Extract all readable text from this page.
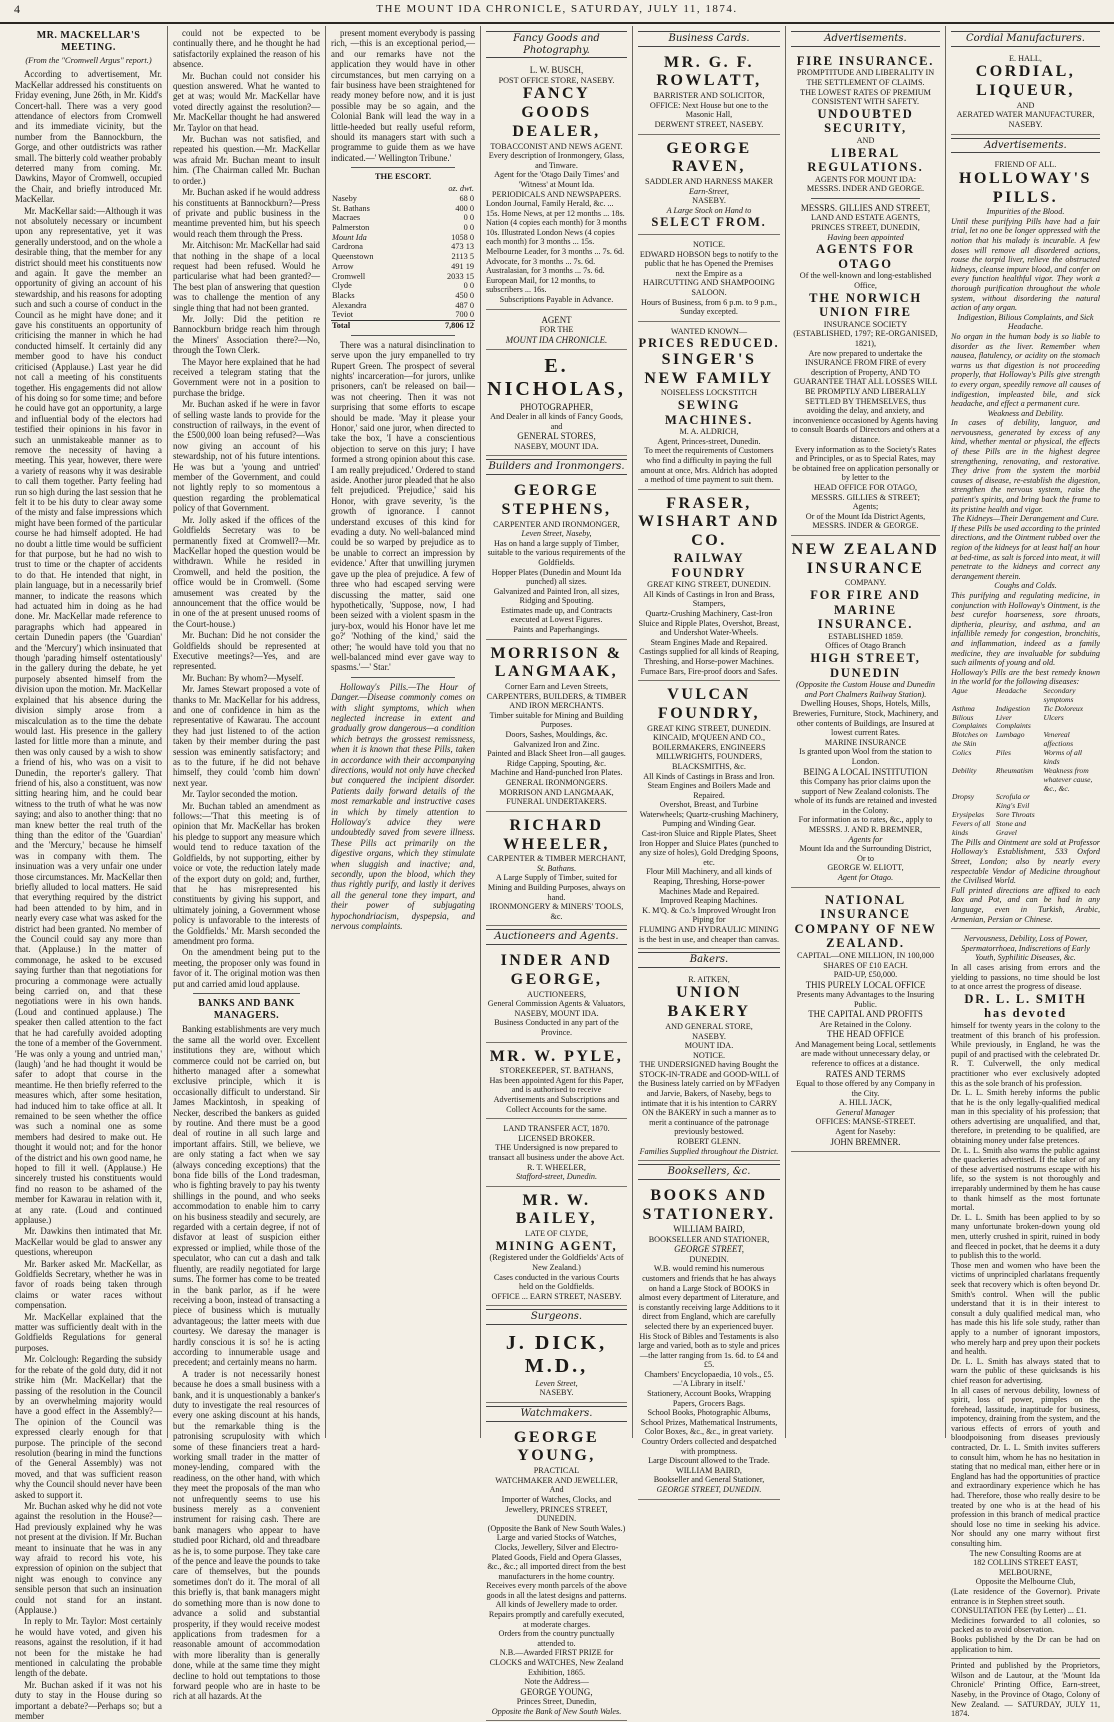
4	THE MOUNT IDA CHRONICLE, SATURDAY, JULY 11, 1874.
MR. MACKELLAR'S MEETING.
(From the "Cromwell Argus" report.)

According to advertisement, Mr. MacKellar addressed his constituents on Friday evening, June 26th, in Mr. Kidd's Concert-hall. There was a very good attendance of electors from Cromwell and its immediate vicinity, but the number from the Bannockburn, the Gorge, and other outdistricts was rather small. The bitterly cold weather probably deterred many from coming. Mr. Dawkins, Mayor of Cromwell, occupied the Chair, and briefly introduced Mr. MacKellar.

Mr. MacKellar said:—Although it was not absolutely necessary or incumbent upon any representative, yet it was generally understood, and on the whole a desirable thing, that the member for any district should meet his constituents now and again. It gave the member an opportunity of giving an account of his stewardship, and his reasons for adopting such and such a course of conduct in the Council as he might have done; and it gave his constituents an opportunity of criticising the manner in which he had conducted himself. It certainly did any member good to have his conduct criticised (Applause.) Last year he did not call a meeting of his constituents together. His engagements did not allow of his doing so for some time; and before he could have got an opportunity, a large and influential body of the electors had testified their opinions in his favor in such an unmistakeable manner as to remove the necessity of having a meeting. This year, however, there were a variety of reasons why it was desirable to call them together. Party feeling had run so high during the last session that he felt it to be his duty to clear away some of the misty and false impressions which might have been formed of the particular course he had himself adopted. He had no doubt a little time would be sufficient for that purpose, but he had no wish to trust to time or the chapter of accidents to do that. He intended that night, in plain language, but in a necessarily brief manner, to indicate the reasons which had actuated him in doing as he had done. Mr. MacKellar made reference to paragraphs which had appeared in certain Dunedin papers (the 'Guardian' and the 'Mercury') which insinuated that though 'parading himself ostentatiously' in the gallery during the debate, he yet purposely absented himself from the division upon the motion. Mr. MacKellar explained that his absence during the division simply arose from a miscalculation as to the time the debate would last. His presence in the gallery lasted for little more than a minute, and then was only caused by a wish to show a friend of his, who was on a visit to Dunedin, the reporter's gallery. That friend of his, also a constituent, was now sitting hearing him, and he could bear witness to the truth of what he was now saying; and also to another thing: that no man knew better the real truth of the thing than the editor of the 'Guardian' and the 'Mercury,' because he himself was in company with them. The insinuation was a very unfair one under those circumstances. Mr. MacKellar then briefly alluded to local matters. He said that everything required by the district had been attended to by him, and in nearly every case what was asked for the district had been granted. No member of the Council could say any more than that. (Applause.) In the matter of commonage, he asked to be excused saying further than that negotiations for procuring a commonage were actually being carried on, and that these negotiations were in his own hands. (Loud and continued applause.) The speaker then called attention to the fact that he had carefully avoided adopting the tone of a member of the Government. 'He was only a young and untried man,' (laugh) 'and he had thought it would be safer to adopt that course in the meantime. He then briefly referred to the measures which, after some hesitation, had induced him to take office at all. It remained to be seen whether the office was such a nominal one as some members had desired to make out. He thought it would not; and for the honor of the district and his own good name, he hoped to fill it well. (Applause.) He sincerely trusted his constituents would find no reason to be ashamed of the member for Kawarau in relation with it, at any rate. (Loud and continued applause.)

Mr. Dawkins then intimated that Mr. MacKellar would be glad to answer any questions, whereupon

Mr. Barker asked Mr. MacKellar, as Goldfields Secretary, whether he was in favor of roads being taken through claims or water races without compensation.

Mr. MacKellar explained that the matter was sufficiently dealt with in the Goldfields Regulations for general purposes.

Mr. Colclough: Regarding the subsidy for the rebate of the gold duty, did it not strike him (Mr. MacKellar) that the passing of the resolution in the Council by an overwhelming majority would have a good effect in the Assembly?—The opinion of the Council was expressed clearly enough for that purpose. The principle of the second resolution (bearing in mind the functions of the General Assembly) was not moved, and that was sufficient reason why the Council should never have been asked to support it.

Mr. Buchan asked why he did not vote against the resolution in the House?—Had previously explained why he was not present at the division. If Mr. Buchan meant to insinuate that he was in any way afraid to record his vote, his expression of opinion on the subject that night was enough to convince any sensible person that such an insinuation could not stand for an instant. (Applause.)

In reply to Mr. Taylor: Most certainly he would have voted, and given his reasons, against the resolution, if it had not been for the mistake he had mentioned in calculating the probable length of the debate.

Mr. Buchan asked if it was not his duty to stay in the House during so important a debate?—Perhaps so; but a member

could not be expected to be continually there, and he thought he had satisfactorily explained the reason of his absence.

Mr. Buchan could not consider his question answered. What he wanted to get at was; would Mr. MacKellar have voted directly against the resolution?—Mr. MacKellar thought he had answered Mr. Taylor on that head.

Mr. Buchan was not satisfied, and repeated his question.—Mr. MacKellar was afraid Mr. Buchan meant to insult him. (The Chairman called Mr. Buchan to order.)

Mr. Buchan asked if he would address his constituents at Bannockburn?—Press of private and public business in the meantime prevented him, but his speech would reach them through the Press.

Mr. Aitchison: Mr. MacKellar had said that nothing in the shape of a local request had been refused. Would he particularise what had been granted?—The best plan of answering that question was to challenge the mention of any single thing that had not been granted.

Mr. Jolly: Did the petition re Bannockburn bridge reach him through the Miners' Association there?—No, through the Town Clerk.

The Mayor here explained that he had received a telegram stating that the Government were not in a position to purchase the bridge.

Mr. Buchan asked if he were in favor of selling waste lands to provide for the construction of railways, in the event of the £500,000 loan being refused?—Was now giving an account of his stewardship, not of his future intentions. He was but a 'young and untried' member of the Government, and could not lightly reply to so momentous a question regarding the problematical policy of that Government.

Mr. Jolly asked if the offices of the Goldfields Secretary was to be permanently fixed at Cromwell?—Mr. MacKellar hoped the question would be withdrawn. While he resided in Cromwell, and held the position, the office would be in Cromwell. (Some amusement was created by the announcement that the office would be in one of the at present unused rooms of the Court-house.)

Mr. Buchan: Did he not consider the Goldfields should be represented at Executive meetings?—Yes, and are represented.

Mr. Buchan: By whom?—Myself.

Mr. James Stewart proposed a vote of thanks to Mr. MacKellar for his address, and one of confidence in him as the representative of Kawarau. The account they had just listened to of the action taken by their member during the past session was eminently satisfactory; and as to the future, if he did not behave himself, they could 'comb him down' next year.

Mr. Taylor seconded the motion.

Mr. Buchan tabled an amendment as follows:—'That this meeting is of opinion that Mr. MacKellar has broken his pledge to support any measure which would tend to reduce taxation of the Goldfields, by not supporting, either by voice or vote, the reduction lately made of the export duty on gold; and, further, that he has misrepresented his constituents by giving his support, and ultimately joining, a Government whose policy is unfavorable to the interests of the Goldfields.' Mr. Marsh seconded the amendment pro forma.

On the amendment being put to the meeting, the proposer only was found in favor of it. The original motion was then put and carried amid loud applause.

BANKS AND BANK MANAGERS.

Banking establishments are very much the same all the world over. Excellent institutions they are, without which commerce could not be carried on, but hitherto managed after a somewhat exclusive principle, which it is occasionally difficult to understand. Sir James Mackintosh, in speaking of Necker, described the bankers as guided by routine. And there must be a good deal of routine in all such large and important affairs. Still, we believe, we are only stating a fact when we say (always conceding exceptions) that the bona fide bills of the Lond tradesman, who is fighting bravely to pay his twenty shillings in the pound, and who seeks accommodation to enable him to carry on his business steadily and securely, are regarded with a certain degree, if not of disfavor at least of suspicion either expressed or implied, while those of the speculator, who can cut a dash and talk fluently, are readily negotiated for large sums. The former has come to be treated in the bank parlor, as if he were receiving a boon, instead of transacting a piece of business which is mutually advantageous; the latter meets with due courtesy. We daresay the manager is hardly conscious it is so! he is acting according to innumerable usage and precedent; and certainly means no harm.

A trader is not necessarily honest because he does a small business with a bank, and it is unquestionably a banker's duty to investigate the real resources of every one asking discount at his hands, but the remarkable thing is the patronising scrupulosity with which some of these financiers treat a hard-working small trader in the matter of money-lending, compared with the readiness, on the other hand, with which they meet the proposals of the man who not unfrequently seems to use his business merely as a convenient instrument for raising cash. There are bank managers who appear to have studied poor Richard, old and threadbare as he is, to some purpose. They take care of the pence and leave the pounds to take care of themselves, but the pounds sometimes don't do it. The moral of all this briefly is, that bank managers might do something more than is now done to advance a solid and substantial prosperity, if they would receive modest applications from tradesmen for a reasonable amount of accommodation with more liberality than is generally done, while at the same time they might decline to hold out temptations to those forward people who are in haste to be rich at all hazards. At the

present moment everybody is passing rich, —this is an exceptional period,—and our remarks have not the application they would have in other circumstances, but men carrying on a fair business have been straightened for ready money before now, and it is just possible may be so again, and the Colonial Bank will lead the way in a little-heeded but really useful reform, should its managers start with such a programme to guide them as we have indicated.—' Wellington Tribune.'

THE ESCORT.
		oz. dwt.
Naseby		68 0
St. Bathans		400 0
Macraes		0 0
Palmerston		0 0
Mount Ida		1058 0
Cardrona		473 13
Queenstown		2113 5
Arrow		491 19
Cromwell		2033 15
Clyde		0 0
Blacks		450 0
Alexandra		487 0
Teviot		700 0
Total		7,806 12

There was a natural disinclination to serve upon the jury empanelled to try Rupert Green. The prospect of several nights' incarceration—for jurors, unlike prisoners, can't be released on bail—was not cheering. Then it was not surprising that some efforts to escape should be made. 'May it please your Honor,' said one juror, when directed to take the box, 'I have a conscientious objection to serve on this jury; I have formed a strong opinion about this case. I am really prejudiced.' Ordered to stand aside. Another juror pleaded that he also felt prejudiced. 'Prejudice,' said his Honor, with grave severity, 'is the growth of ignorance. I cannot understand excuses of this kind for evading a duty. No well-balanced mind could be so warped by prejudice as to be unable to correct an impression by evidence.' After that unwilling jurymen gave up the plea of prejudice. A few of three who had escaped serving were discussing the matter, said one hypothetically, 'Suppose, now, I had been seized with a violent spasm in the jury-box, would his Honor have let me go?' 'Nothing of the kind,' said the other; 'he would have told you that no well-balanced mind ever gave way to spasms.'—' Star.'

Holloway's Pills.—The Hour of Danger.—Disease commonly comes on with slight symptoms, which when neglected increase in extent and gradually grow dangerous—a condition which betrays the grossest remissness, when it is known that these Pills, taken in accordance with their accompanying directions, would not only have checked but conquered the incipient disorder. Patients daily forward details of the most remarkable and instructive cases in which by timely attention to Holloway's advice they were undoubtedly saved from severe illness. These Pills act primarily on the digestive organs, which they stimulate when sluggish and inactive; and, secondly, upon the blood, which they thus rightly purify, and lastly it derives all the general tone they impart, and their power of subjugating hypochondriacism, dyspepsia, and nervous complaints.

Fancy Goods and Photography.
L. W. BUSCH,
POST OFFICE STORE, NASEBY.
FANCY GOODS DEALER,
TOBACCONIST AND NEWS AGENT.
Every description of Ironmongery, Glass, and Tinware.
Agent for the 'Otago Daily Times' and 'Witness' at Mount Ida.
PERIODICALS AND NEWSPAPERS.
London Journal, Family Herald, &c. ... 15s. Home News, at per 12 months ... 18s. Nation (4 copies each month) for 3 months 10s. Illustrated London News (4 copies each month) for 3 months ... 15s. Melbourne Leader, for 3 months ... 7s. 6d. Advocate, for 3 months ... 7s. 6d. Australasian, for 3 months ... 7s. 6d. European Mail, for 12 months, to subscribers ... 16s.
Subscriptions Payable in Advance.
AGENT
FOR THE
MOUNT IDA CHRONICLE.
E. NICHOLAS,
PHOTOGRAPHER,
And Dealer in all kinds of Fancy Goods, and
GENERAL STORES,
NASEBY, MOUNT IDA.
Builders and Ironmongers.
GEORGE STEPHENS,
CARPENTER AND IRONMONGER,
Leven Street, Naseby,
Has on hand a large supply of Timber, suitable to the various requirements of the Goldfields.
Hopper Plates (Dunedin and Mount Ida punched) all sizes.
Galvanized and Painted Iron, all sizes, Ridging and Spouting.
Estimates made up, and Contracts executed at Lowest Figures.
Paints and Paperhangings.
MORRISON & LANGMAAK,
Corner Earn and Leven Streets,
CARPENTERS, BUILDERS, & TIMBER AND IRON MERCHANTS.
Timber suitable for Mining and Building Purposes.
Doors, Sashes, Mouldings, &c. Galvanized Iron and Zinc.
Painted and Black Sheet Iron—all gauges. Ridge Capping, Spouting, &c.
Machine and Hand-punched Iron Plates.
GENERAL IRONMONGERS.
MORRISON AND LANGMAAK,
FUNERAL UNDERTAKERS.
RICHARD WHEELER,
CARPENTER & TIMBER MERCHANT,
St. Bathans.
A Large Supply of Timber, suited for Mining and Building Purposes, always on hand.
IRONMONGERY & MINERS' TOOLS, &c.
Auctioneers and Agents.
INDER AND GEORGE,
AUCTIONEERS,
General Commission Agents & Valuators,
NASEBY, MOUNT IDA.
Business Conducted in any part of the Province.
MR. W. PYLE,
STOREKEEPER, ST. BATHANS,
Has been appointed Agent for this Paper, and is authorised to receive Advertisements and Subscriptions and Collect Accounts for the same.
LAND TRANSFER ACT, 1870.
LICENSED BROKER.
THE Undersigned is now prepared to transact all business under the above Act.
R. T. WHEELER,
Stafford-street, Dunedin.
MR. W. BAILEY,
LATE OF CLYDE,
MINING AGENT,
(Registered under the Goldfields' Acts of New Zealand.)
Cases conducted in the various Courts held on the Goldfields.
OFFICE ... EARN STREET, NASEBY.
Surgeons.
J. DICK, M.D.,
Leven Street,
NASEBY.
Watchmakers.
GEORGE YOUNG,
PRACTICAL
WATCHMAKER AND JEWELLER,
And
Importer of Watches, Clocks, and Jewellery, PRINCES STREET, DUNEDIN.
(Opposite the Bank of New South Wales.)
Large and varied Stocks of Watches, Clocks, Jewellery, Silver and Electro-Plated Goods, Field and Opera Glasses, &c., &c.; all imported direct from the best manufacturers in the home country.
Receives every month parcels of the above goods in all the latest designs and patterns.
All kinds of Jewellery made to order. Repairs promptly and carefully executed, at moderate charges.
Orders from the country punctually attended to.
N.B.—Awarded FIRST PRIZE for CLOCKS and WATCHES, New Zealand Exhibition, 1865.
Note the Address—
GEORGE YOUNG,
Princes Street, Dunedin,
Opposite the Bank of New South Wales.
Business Cards.
MR. G. F. ROWLATT,
BARRISTER AND SOLICITOR,
OFFICE: Next House but one to the Masonic Hall,
DERWENT STREET, NASEBY.
GEORGE RAVEN,
SADDLER AND HARNESS MAKER
Earn-Street,
NASEBY.
A Large Stock on Hand to
SELECT FROM.
NOTICE.
EDWARD HOBSON begs to notify to the public that he has Opened the Premises next the Empire as a
HAIRCUTTING AND SHAMPOOING SALOON.
Hours of Business, from 6 p.m. to 9 p.m., Sunday excepted.
WANTED KNOWN—
PRICES REDUCED.
SINGER'S NEW FAMILY
NOISELESS LOCKSTITCH
SEWING MACHINES.
M. A. ALDRICH,
Agent, Princes-street, Dunedin.
To meet the requirements of Customers who find a difficulty in paying the full amount at once, Mrs. Aldrich has adopted a method of time payment to suit them.
FRASER, WISHART AND CO.
RAILWAY FOUNDRY
GREAT KING STREET, DUNEDIN.
All Kinds of Castings in Iron and Brass, Stampers,
Quartz-Crushing Machinery, Cast-Iron Sluice and Ripple Plates, Overshot, Breast, and Undershot Water-Wheels.
Steam Engines Made and Repaired.
Castings supplied for all kinds of Reaping, Threshing, and Horse-power Machines.
Furnace Bars, Fire-proof doors and Safes.
VULCAN FOUNDRY,
GREAT KING STREET, DUNEDIN.
KINCAID, M'QUEEN AND CO.,
BOILERMAKERS, ENGINEERS MILLWRIGHTS, FOUNDERS, BLACKSMITHS, &c.
All Kinds of Castings in Brass and Iron. Steam Engines and Boilers Made and Repaired.
Overshot, Breast, and Turbine Waterwheels; Quartz-crushing Machinery, Pumping and Winding Gear.
Cast-iron Sluice and Ripple Plates, Sheet Iron Hopper and Sluice Plates (punched to any size of holes), Gold Dredging Spoons, etc.
Flour Mill Machinery, and all kinds of Reaping, Threshing, Horse-power Machines Made and Repaired.
Improved Reaping Machines.
K. M'Q. & Co.'s Improved Wrought Iron Piping for
FLUMING AND HYDRAULIC MINING
is the best in use, and cheaper than canvas.
Bakers.
R. AITKEN,
UNION BAKERY
AND GENERAL STORE,
NASEBY.
MOUNT IDA.
NOTICE.
THE UNDERSIGNED having Bought the STOCK-IN-TRADE and GOOD-WILL of the Business lately carried on by M'Fadyen and Jarvie, Bakers, of Naseby, begs to intimate that it is his intention to CARRY ON the BAKERY in such a manner as to merit a continuance of the patronage previously bestowed.
ROBERT GLENN.
Families Supplied throughout the District.
Booksellers, &c.
BOOKS AND STATIONERY.
WILLIAM BAIRD,
BOOKSELLER AND STATIONER,
GEORGE STREET,
DUNEDIN.
W.B. would remind his numerous customers and friends that he has always on hand a Large Stock of BOOKS in almost every department of Literature, and is constantly receiving large Additions to it direct from England, which are carefully selected there by an experienced buyer.
His Stock of Bibles and Testaments is also large and varied, both as to style and prices—the latter ranging from 1s. 6d. to £4 and £5.
Chambers' Encyclopaedia, 10 vols., £5.—'A Library in itself.'
Stationery, Account Books, Wrapping Papers, Grocers Bags.
School Books, Photographic Albums, School Prizes, Mathematical Instruments,
Color Boxes, &c., &c., in great variety.
Country Orders collected and despatched with promptness.
Large Discount allowed to the Trade.
WILLIAM BAIRD,
Bookseller and General Stationer,
GEORGE STREET, DUNEDIN.
Advertisements.
FIRE INSURANCE.
PROMPTITUDE AND LIBERALITY IN THE SETTLEMENT OF CLAIMS.
THE LOWEST RATES OF PREMIUM CONSISTENT WITH SAFETY.
UNDOUBTED SECURITY,
AND
LIBERAL REGULATIONS.
AGENTS FOR MOUNT IDA:
MESSRS. INDER AND GEORGE.
MESSRS. GILLIES AND STREET,
LAND AND ESTATE AGENTS,
PRINCES STREET, DUNEDIN,
Having been appointed
AGENTS FOR OTAGO
Of the well-known and long-established Office,
THE NORWICH UNION FIRE
INSURANCE SOCIETY
(ESTABLISHED, 1797; RE-ORGANISED, 1821),
Are now prepared to undertake the INSURANCE FROM FIRE of every description of Property, AND TO GUARANTEE THAT ALL LOSSES WILL BE PROMPTLY AND LIBERALLY SETTLED BY THEMSELVES, thus avoiding the delay, and anxiety, and inconvenience occasioned by Agents having to consult Boards of Directors and others at a distance.
Every information as to the Society's Rates and Principles, or as to Special Rates, may be obtained free on application personally or by letter to the
HEAD OFFICE FOR OTAGO,
MESSRS. GILLIES & STREET;
Agents;
Or of the Mount Ida District Agents,
MESSRS. INDER & GEORGE.
NEW ZEALAND INSURANCE
COMPANY.
FOR FIRE AND MARINE
INSURANCE.
ESTABLISHED 1859.
Offices of Otago Branch
HIGH STREET, DUNEDIN
(Opposite the Custom House and Dunedin and Port Chalmers Railway Station).
Dwelling Houses, Shops, Hotels, Mills, Breweries, Furniture, Stock, Machinery, and other contents of Buildings, are Insured at lowest current Rates.
MARINE INSURANCE
Is granted upon Wool from the station to London.
BEING A LOCAL INSTITUTION
this Company has prior claims upon the support of New Zealand colonists. The whole of its funds are retained and invested in the Colony.
For information as to rates, &c., apply to
MESSRS. J. AND R. BREMNER,
Agents for
Mount Ida and the Surrounding District,
Or to
GEORGE W. ELIOTT,
Agent for Otago.
NATIONAL INSURANCE COMPANY OF NEW ZEALAND.
CAPITAL—ONE MILLION, IN 100,000 SHARES OF £10 EACH.
PAID-UP, £50,000.
THIS PURELY LOCAL OFFICE
Presents many Advantages to the Insuring Public.
THE CAPITAL AND PROFITS
Are Retained in the Colony.
THE HEAD OFFICE
And Management being Local, settlements are made without unnecessary delay, or reference to offices at a distance.
RATES AND TERMS
Equal to those offered by any Company in the City.
A. HILL JACK,
General Manager
OFFICES: MANSE-STREET.
Agent for Naseby:
JOHN BREMNER.
Cordial Manufacturers.
E. HALL,
CORDIAL, LIQUEUR,
AND
AERATED WATER MANUFACTURER,
NASEBY.
Advertisements.
FRIEND OF ALL.
HOLLOWAY'S PILLS.
Impurities of the Blood.
Until these purifying Pills have had a fair trial, let no one be longer oppressed with the notion that his malady is incurable. A few doses will remove all disordered actions, rouse the torpid liver, relieve the obstructed kidneys, cleanse impure blood, and confer on every function healthful vigor. They work a thorough purification throughout the whole system, without disordering the natural action of any organ.
Indigestion, Bilious Complaints, and Sick Headache.
No organ in the human body is so liable to disorder as the liver. Remember when nausea, flatulency, or acidity on the stomach warns us that digestion is not proceeding properly, that Holloway's Pills give strength to every organ, speedily remove all causes of indigestion, impleasted bile, and sick headache, and effect a permanent cure.
Weakness and Debility.
In cases of debility, languor, and nervousness, generated by excess of any kind, whether mental or physical, the effects of these Pills are in the highest degree strengthening, renovating, and restorative. They drive from the system the morbid causes of disease, re-establish the digestion, strengthen the nervous system, raise the patient's spirits, and bring back the frame to its pristine health and vigor.
The Kidneys—Their Derangement and Cure.
If these Pills be used according to the printed directions, and the Ointment rubbed over the region of the kidneys for at least half an hour at bed-time, as salt is forced into meat, it will penetrate to the kidneys and correct any derangement therein.
Coughs and Colds.
This purifying and regulating medicine, in conjunction with Holloway's Ointment, is the best curefor hoarseness, sore throats, diptheria, pleurisy, and asthma, and an infallible remedy for congestion, bronchitis, and inflammation, indeed as a family medicine, they are invaluable for subduing such ailments of young and old.
Holloway's Pills are the best remedy known in the world for the following diseases:
Ague	Headache	Secondary symptoms
Asthma	Indigestion	Tic Doloreux
Bilious Complaints	Liver Complaints	Ulcers
Blotches on the Skin	Lumbago	Venereal affections
Colics	Piles	Worms of all kinds
Debility	Rheumatism	Weakness from whatever cause, &c., &c.
Dropsy	Scrofula or King's Evil	
Erysipelas	Sore Throats	
Fevers of all kinds	Stone and Gravel	
The Pills and Ointment are sold at Professor Holloway's Establishment, 533 Oxford Street, London; also by nearly every respectable Vendor of Medicine throughout the Civilised World.
Full printed directions are affixed to each Box and Pot, and can be had in any language, even in Turkish, Arabic, Armenian, Persian or Chinese.
Nervousness, Debility, Loss of Power, Spermatorrhoea, Indiscretions of Early Youth, Syphilitic Diseases, &c.
In all cases arising from errors and the yielding to passions, no time should be lost to at once arrest the progress of disease.
DR. L. L. SMITH has devoted
himself for twenty years in the colony to the treatment of this branch of his profession. While previously, in England, he was the pupil of and practised with the celebrated Dr. R. T. Culverwell, the only medical practitioner who ever exclusively adopted this as the sole branch of his profession.
Dr. L. L. Smith hereby informs the public that he is the only legally-qualified medical man in this speciality of his profession; that others advertising are unqualified, and that, therefore, in pretending to be qualified, are obtaining money under false pretences.
Dr. L. L. Smith also warns the public against the quackeries advertised. If the taker of any of these advertised nostrums escape with his life, so the system is not thoroughly and irreparably undermined by them he has cause to thank himself as the most fortunate mortal.
Dr. L. L. Smith has been applied to by so many unfortunate broken-down young old men, utterly crushed in spirit, ruined in body and fleeced in pocket, that he deems it a duty to publish this to the world.
Those men and women who have been the victims of unprincipled charlatans frequently seek that recovery which is often beyond Dr. Smith's control. When will the public understand that it is in their interest to consult a duly qualified medical man, who has made this his life sole study, rather than apply to a number of ignorant impostors, who merely harp and prey upon their pockets and health.
Dr. L. L. Smith has always stated that to warn the public of these quicksands is his chief reason for advertising.
In all cases of nervous debility, lowness of spirit, loss of power, pimples on the forehead, lassitude, inaptitude for business, impotency, draining from the system, and the various effects of errors of youth and bloodpoisoning from diseases previously contracted, Dr. L. L. Smith invites sufferers to consult him, whom he has no hesitation in stating that no medical man, either here or in England has had the opportunities of practice and extraordinary experience which he has had. Therefore, those who really desire to be treated by one who is at the head of his profession in this branch of medical practice should lose no time in seeking his advice. Nor should any one marry without first consulting him.
The new Consulting Rooms are at
182 COLLINS STREET EAST, MELBOURNE,
Opposite the Melbourne Club,
(Late residence of the Governor). Private entrance is in Stephen street south.
CONSULTATION FEE (by Letter) ... £1.
Medicines forwarded to all colonies, so packed as to avoid observation.
Books published by the Dr can be had on application to him.
Printed and published by the Proprietors, Wilson and de Lautour, at the 'Mount Ida Chronicle' Printing Office, Earn-street, Naseby, in the Province of Otago, Colony of New Zealand. — SATURDAY, JULY 11, 1874.
